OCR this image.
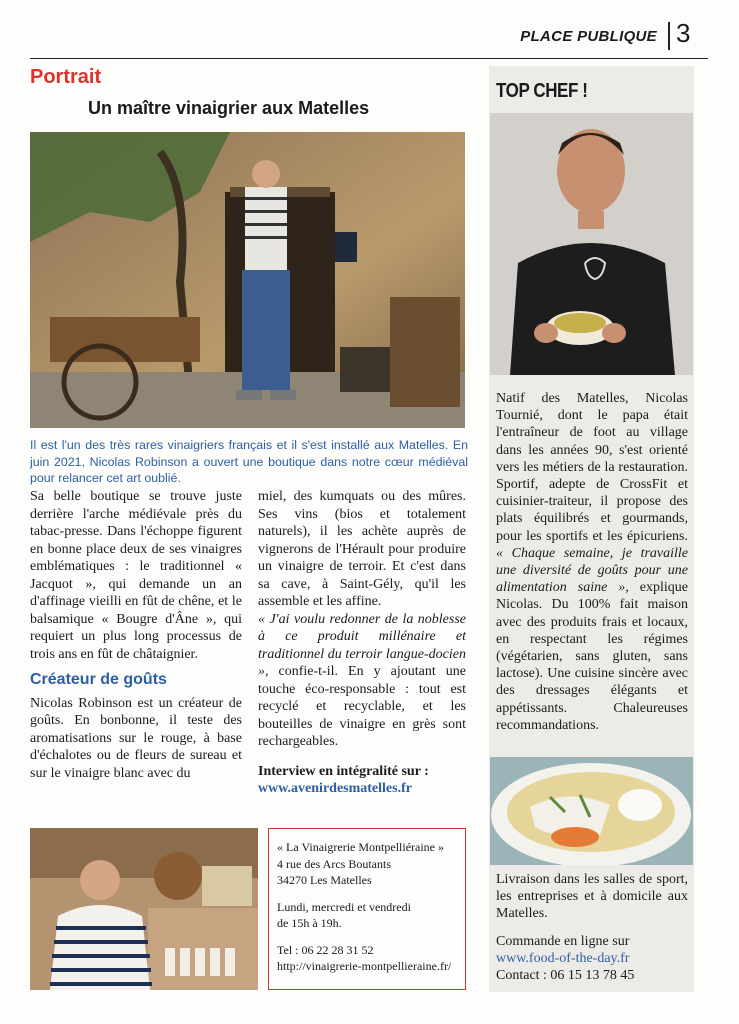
PLACE PUBLIQUE 3
Portrait
Un maître vinaigrier aux Matelles
Il est l'un des très rares vinaigriers français et il s'est installé aux Matelles. En juin 2021, Nicolas Robinson a ouvert une boutique dans notre cœur médiéval pour relancer cet art oublié.
Sa belle boutique se trouve juste derrière l'arche médiévale près du tabac-presse. Dans l'échoppe figurent en bonne place deux de ses vinaigres emblématiques : le traditionnel « Jacquot », qui demande un an d'affinage vieilli en fût de chêne, et le balsamique « Bougre d'Âne », qui requiert un plus long processus de trois ans en fût de châtaignier.
Créateur de goûts
Nicolas Robinson est un créateur de goûts. En bonbonne, il teste des aromatisations sur le rouge, à base d'échalotes ou de fleurs de sureau et sur le vinaigre blanc avec du
miel, des kumquats ou des mûres. Ses vins (bios et totalement naturels), il les achète auprès de vignerons de l'Hérault pour produire un vinaigre de terroir. Et c'est dans sa cave, à Saint-Gély, qu'il les assemble et les affine.
« J'ai voulu redonner de la noblesse à ce produit millénaire et traditionnel du terroir langue-docien », confie-t-il. En y ajoutant une touche éco-responsable : tout est recyclé et recyclable, et les bouteilles de vinaigre en grès sont rechargeables.
Interview en intégralité sur :
www.avenirdesmatelles.fr
« La Vinaigrerie Montpelliéraine »
4 rue des Arcs Boutants
34270 Les Matelles
Lundi, mercredi et vendredi
de 15h à 19h.
Tel : 06 22 28 31 52
http://vinaigrerie-montpellieraine.fr/
TOP CHEF !
Natif des Matelles, Nicolas Tournié, dont le papa était l'entraîneur de foot au village dans les années 90, s'est orienté vers les métiers de la restauration. Sportif, adepte de CrossFit et cuisinier-traiteur, il propose des plats équilibrés et gourmands, pour les sportifs et les épicuriens. « Chaque semaine, je travaille une diversité de goûts pour une alimentation saine », explique Nicolas. Du 100% fait maison avec des produits frais et locaux, en respectant les régimes (végétarien, sans gluten, sans lactose). Une cuisine sincère avec des dressages élégants et appétissants. Chaleureuses recommandations.
Livraison dans les salles de sport, les entreprises et à domicile aux Matelles.
Commande en ligne sur
www.food-of-the-day.fr
Contact : 06 15 13 78 45
